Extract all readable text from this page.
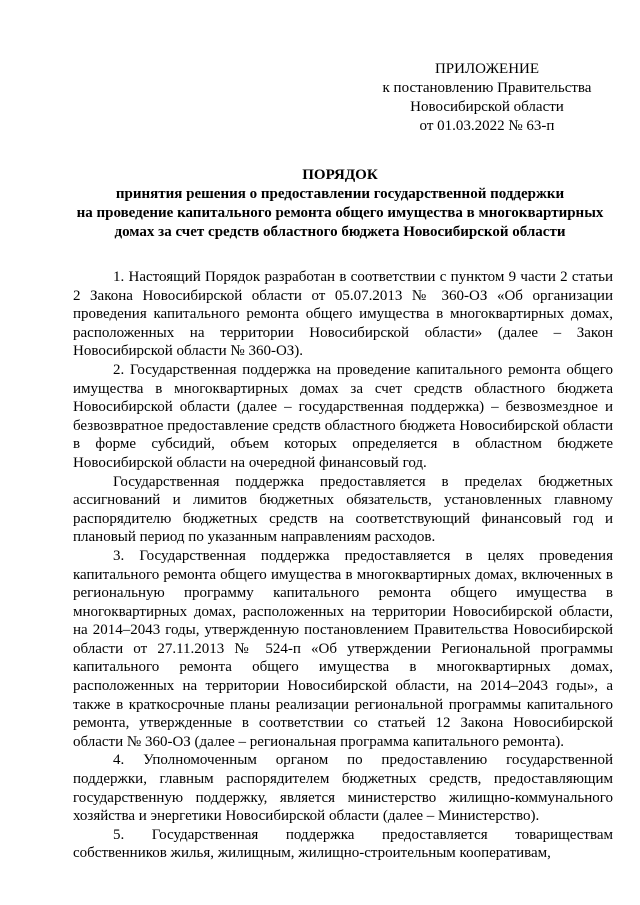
ПРИЛОЖЕНИЕ
к постановлению Правительства
Новосибирской области
от 01.03.2022 № 63-п
ПОРЯДОК
принятия решения о предоставлении государственной поддержки
на проведение капитального ремонта общего имущества в многоквартирных
домах за счет средств областного бюджета Новосибирской области

1. Настоящий Порядок разработан в соответствии с пунктом 9 части 2 статьи 2 Закона Новосибирской области от 05.07.2013 № 360-ОЗ «Об организации проведения капитального ремонта общего имущества в многоквартирных домах, расположенных на территории Новосибирской области» (далее – Закон Новосибирской области № 360-ОЗ).

2. Государственная поддержка на проведение капитального ремонта общего имущества в многоквартирных домах за счет средств областного бюджета Новосибирской области (далее – государственная поддержка) – безвозмездное и безвозвратное предоставление средств областного бюджета Новосибирской области в форме субсидий, объем которых определяется в областном бюджете Новосибирской области на очередной финансовый год.

Государственная поддержка предоставляется в пределах бюджетных ассигнований и лимитов бюджетных обязательств, установленных главному распорядителю бюджетных средств на соответствующий финансовый год и плановый период по указанным направлениям расходов.

3. Государственная поддержка предоставляется в целях проведения капитального ремонта общего имущества в многоквартирных домах, включенных в региональную программу капитального ремонта общего имущества в многоквартирных домах, расположенных на территории Новосибирской области, на 2014–2043 годы, утвержденную постановлением Правительства Новосибирской области от 27.11.2013 № 524-п «Об утверждении Региональной программы капитального ремонта общего имущества в многоквартирных домах, расположенных на территории Новосибирской области, на 2014–2043 годы», а также в краткосрочные планы реализации региональной программы капитального ремонта, утвержденные в соответствии со статьей 12 Закона Новосибирской области № 360-ОЗ (далее – региональная программа капитального ремонта).

4. Уполномоченным органом по предоставлению государственной поддержки, главным распорядителем бюджетных средств, предоставляющим государственную поддержку, является министерство жилищно-коммунального хозяйства и энергетики Новосибирской области (далее – Министерство).

5. Государственная поддержка предоставляется товариществам собственников жилья, жилищным, жилищно-строительным кооперативам,
